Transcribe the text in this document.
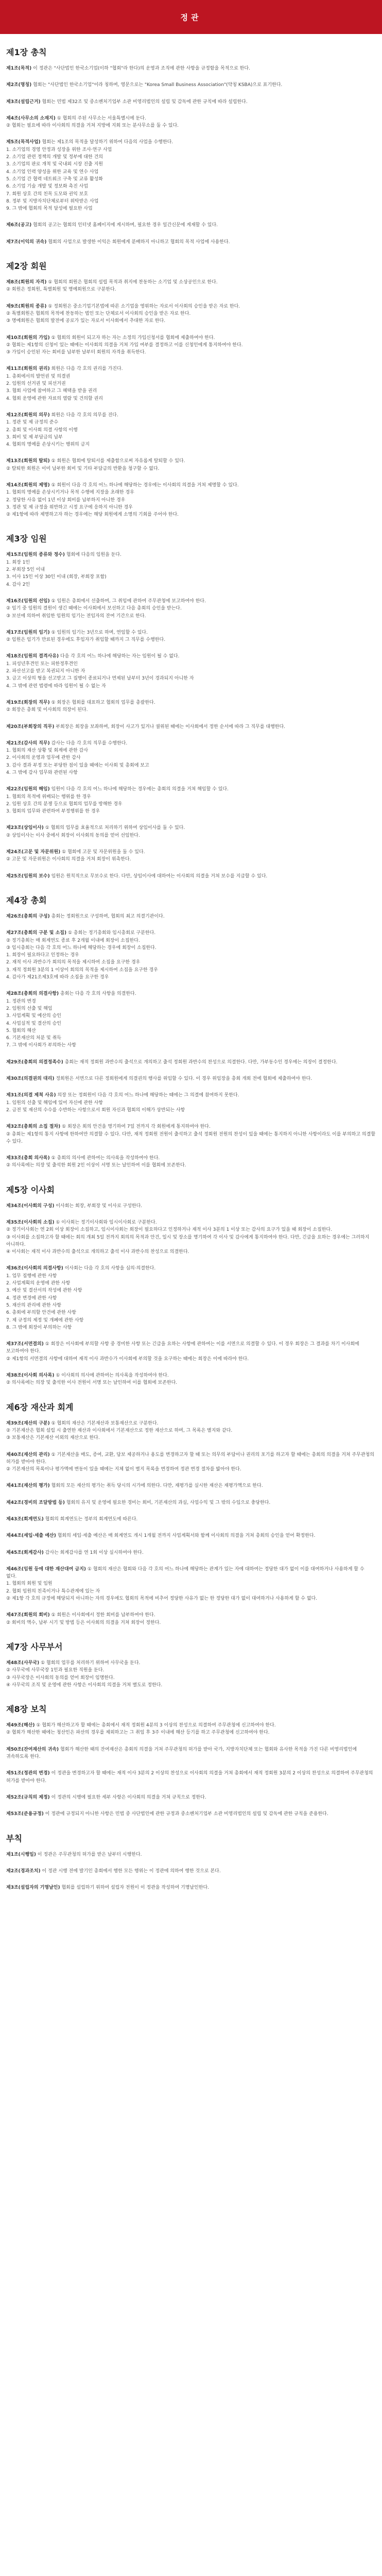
정관
제1장 총칙

제1조(목적) 이 정관은 "사단법인 한국소기업(이하 "협회"라 한다)의 운영과 조직에 관한 사항을 규정함을 목적으로 한다.

제2조(명칭) 협회는 "사단법인 한국소기업"이라 칭하며, 영문으로는 "Korea Small Business Association"(약칭 KSBA)으로 표기한다.

제3조(설립근거) 협회는 민법 제32조 및 중소벤처기업부 소관 비영리법인의 설립 및 감독에 관한 규칙에 따라 설립한다.

제4조(사무소의 소재지) ① 협회의 주된 사무소는 서울특별시에 둔다.

② 협회는 필요에 따라 이사회의 의결을 거쳐 지방에 지회 또는 분사무소를 둘 수 있다.

제5조(목적사업) 협회는 제1조의 목적을 달성하기 위하여 다음의 사업을 수행한다.

1. 소기업의 경영 안정과 성장을 위한 조사·연구 사업

2. 소기업 관련 정책의 개발 및 정부에 대한 건의

3. 소기업의 판로 개척 및 국내외 시장 진출 지원

4. 소기업 인력 양성을 위한 교육 및 연수 사업

5. 소기업 간 협력 네트워크 구축 및 교류 활성화

6. 소기업 기술 개발 및 정보화 촉진 사업

7. 회원 상호 간의 친목 도모와 권익 보호

8. 정부 및 지방자치단체로부터 위탁받은 사업

9. 그 밖에 협회의 목적 달성에 필요한 사업

제6조(공고) 협회의 공고는 협회의 인터넷 홈페이지에 게시하며, 필요한 경우 일간신문에 게재할 수 있다.

제7조(이익의 귀속) 협회의 사업으로 발생한 이익은 회원에게 분배하지 아니하고 협회의 목적 사업에 사용한다.

제2장 회원

제8조(회원의 자격) ① 협회의 회원은 협회의 설립 목적과 취지에 찬동하는 소기업 및 소상공인으로 한다.

② 회원은 정회원, 특별회원 및 명예회원으로 구분한다.

제9조(회원의 종류) ① 정회원은 중소기업기본법에 따른 소기업을 영위하는 자로서 이사회의 승인을 받은 자로 한다.

② 특별회원은 협회의 목적에 찬동하는 법인 또는 단체로서 이사회의 승인을 받은 자로 한다.

③ 명예회원은 협회의 발전에 공로가 있는 자로서 이사회에서 추대한 자로 한다.

제10조(회원의 가입) ① 협회의 회원이 되고자 하는 자는 소정의 가입신청서를 협회에 제출하여야 한다.

② 협회는 제1항의 신청이 있는 때에는 이사회의 의결을 거쳐 가입 여부를 결정하고 이를 신청인에게 통지하여야 한다.

③ 가입이 승인된 자는 회비를 납부한 날부터 회원의 자격을 취득한다.

제11조(회원의 권리) 회원은 다음 각 호의 권리를 가진다.

1. 총회에서의 발언권 및 의결권

2. 임원의 선거권 및 피선거권

3. 협회 사업에 참여하고 그 혜택을 받을 권리

4. 협회 운영에 관한 자료의 열람 및 건의할 권리

제12조(회원의 의무) 회원은 다음 각 호의 의무를 진다.

1. 정관 및 제 규정의 준수

2. 총회 및 이사회 의결 사항의 이행

3. 회비 및 제 부담금의 납부

4. 협회의 명예를 손상시키는 행위의 금지

제13조(회원의 탈퇴) ① 회원은 협회에 탈퇴서를 제출함으로써 자유롭게 탈퇴할 수 있다.

② 탈퇴한 회원은 이미 납부한 회비 및 기타 부담금의 반환을 청구할 수 없다.

제14조(회원의 제명) ① 회원이 다음 각 호의 어느 하나에 해당하는 경우에는 이사회의 의결을 거쳐 제명할 수 있다.

1. 협회의 명예를 손상시키거나 목적 수행에 지장을 초래한 경우

2. 정당한 사유 없이 1년 이상 회비를 납부하지 아니한 경우

3. 정관 및 제 규정을 위반하고 시정 요구에 응하지 아니한 경우

② 제1항에 따라 제명하고자 하는 경우에는 해당 회원에게 소명의 기회를 주어야 한다.

제3장 임원

제15조(임원의 종류와 정수) 협회에 다음의 임원을 둔다.

1. 회장 1인

2. 부회장 5인 이내

3. 이사 15인 이상 30인 이내 (회장, 부회장 포함)

4. 감사 2인

제16조(임원의 선임) ① 임원은 총회에서 선출하며, 그 취임에 관하여 주무관청에 보고하여야 한다.

② 임기 중 임원의 결원이 생긴 때에는 이사회에서 보선하고 다음 총회의 승인을 받는다.

③ 보선에 의하여 취임한 임원의 임기는 전임자의 잔여 기간으로 한다.

제17조(임원의 임기) ① 임원의 임기는 3년으로 하며, 연임할 수 있다.

② 임원은 임기가 만료된 경우에도 후임자가 취임할 때까지 그 직무를 수행한다.

제18조(임원의 결격사유) 다음 각 호의 어느 하나에 해당하는 자는 임원이 될 수 없다.

1. 피성년후견인 또는 피한정후견인

2. 파산선고를 받고 복권되지 아니한 자

3. 금고 이상의 형을 선고받고 그 집행이 종료되거나 면제된 날부터 3년이 경과되지 아니한 자

4. 그 밖에 관련 법령에 따라 임원이 될 수 없는 자

제19조(회장의 직무) ① 회장은 협회를 대표하고 협회의 업무를 총괄한다.

② 회장은 총회 및 이사회의 의장이 된다.

제20조(부회장의 직무) 부회장은 회장을 보좌하며, 회장이 사고가 있거나 궐위된 때에는 이사회에서 정한 순서에 따라 그 직무를 대행한다.

제21조(감사의 직무) 감사는 다음 각 호의 직무를 수행한다.

1. 협회의 재산 상황 및 회계에 관한 감사

2. 이사회의 운영과 업무에 관한 감사

3. 감사 결과 부정 또는 부당한 점이 있을 때에는 이사회 및 총회에 보고

4. 그 밖에 감사 업무와 관련된 사항

제22조(임원의 해임) 임원이 다음 각 호의 어느 하나에 해당하는 경우에는 총회의 의결을 거쳐 해임할 수 있다.

1. 협회의 목적에 위배되는 행위를 한 경우

2. 임원 상호 간의 분쟁 등으로 협회의 업무를 방해한 경우

3. 협회의 업무와 관련하여 부정행위를 한 경우

제23조(상임이사) ① 협회의 업무를 효율적으로 처리하기 위하여 상임이사를 둘 수 있다.

② 상임이사는 이사 중에서 회장이 이사회의 동의를 얻어 선임한다.

제24조(고문 및 자문위원) ① 협회에 고문 및 자문위원을 둘 수 있다.

② 고문 및 자문위원은 이사회의 의결을 거쳐 회장이 위촉한다.

제25조(임원의 보수) 임원은 원칙적으로 무보수로 한다. 다만, 상임이사에 대하여는 이사회의 의결을 거쳐 보수를 지급할 수 있다.

제4장 총회

제26조(총회의 구성) 총회는 정회원으로 구성하며, 협회의 최고 의결기관이다.

제27조(총회의 구분 및 소집) ① 총회는 정기총회와 임시총회로 구분한다.

② 정기총회는 매 회계연도 종료 후 2개월 이내에 회장이 소집한다.

③ 임시총회는 다음 각 호의 어느 하나에 해당하는 경우에 회장이 소집한다.

1. 회장이 필요하다고 인정하는 경우

2. 재적 이사 과반수가 회의의 목적을 제시하여 소집을 요구한 경우

3. 재적 정회원 3분의 1 이상이 회의의 목적을 제시하여 소집을 요구한 경우

4. 감사가 제21조제3호에 따라 소집을 요구한 경우

제28조(총회의 의결사항) 총회는 다음 각 호의 사항을 의결한다.

1. 정관의 변경

2. 임원의 선출 및 해임

3. 사업계획 및 예산의 승인

4. 사업실적 및 결산의 승인

5. 협회의 해산

6. 기본재산의 처분 및 취득

7. 그 밖에 이사회가 부의하는 사항

제29조(총회의 의결정족수) 총회는 재적 정회원 과반수의 출석으로 개의하고 출석 정회원 과반수의 찬성으로 의결한다. 다만, 가부동수인 경우에는 의장이 결정한다.

제30조(의결권의 대리) 정회원은 서면으로 다른 정회원에게 의결권의 행사를 위임할 수 있다. 이 경우 위임장을 총회 개회 전에 협회에 제출하여야 한다.

제31조(의결 제척 사유) 의장 또는 정회원이 다음 각 호의 어느 하나에 해당하는 때에는 그 의결에 참여하지 못한다.

1. 임원의 선출 및 해임에 있어 자신에 관한 사항

2. 금전 및 재산의 수수를 수반하는 사항으로서 회원 자신과 협회의 이해가 상반되는 사항

제32조(총회의 소집 절차) ① 회장은 회의 안건을 명기하여 7일 전까지 각 회원에게 통지하여야 한다.

② 총회는 제1항의 통지 사항에 한하여만 의결할 수 있다. 다만, 재적 정회원 전원이 출석하고 출석 정회원 전원의 찬성이 있을 때에는 통지하지 아니한 사항이라도 이를 부의하고 의결할 수 있다.

제33조(총회 의사록) ① 총회의 의사에 관하여는 의사록을 작성하여야 한다.

② 의사록에는 의장 및 출석한 회원 2인 이상이 서명 또는 날인하여 이를 협회에 보존한다.

제5장 이사회

제34조(이사회의 구성) 이사회는 회장, 부회장 및 이사로 구성한다.

제35조(이사회의 소집) ① 이사회는 정기이사회와 임시이사회로 구분한다.

② 정기이사회는 연 2회 이상 회장이 소집하고, 임시이사회는 회장이 필요하다고 인정하거나 재적 이사 3분의 1 이상 또는 감사의 요구가 있을 때 회장이 소집한다.

③ 이사회를 소집하고자 할 때에는 회의 개최 5일 전까지 회의의 목적과 안건, 일시 및 장소를 명기하여 각 이사 및 감사에게 통지하여야 한다. 다만, 긴급을 요하는 경우에는 그러하지 아니하다.

④ 이사회는 재적 이사 과반수의 출석으로 개의하고 출석 이사 과반수의 찬성으로 의결한다.

제36조(이사회의 의결사항) 이사회는 다음 각 호의 사항을 심의·의결한다.

1. 업무 집행에 관한 사항

2. 사업계획의 운영에 관한 사항

3. 예산 및 결산서의 작성에 관한 사항

4. 정관 변경에 관한 사항

5. 재산의 관리에 관한 사항

6. 총회에 부의할 안건에 관한 사항

7. 제 규정의 제정 및 개폐에 관한 사항

8. 그 밖에 회장이 부의하는 사항

제37조(서면결의) ① 회장은 이사회에 부의할 사항 중 경미한 사항 또는 긴급을 요하는 사항에 관하여는 이를 서면으로 의결할 수 있다. 이 경우 회장은 그 결과를 차기 이사회에 보고하여야 한다.

② 제1항의 서면결의 사항에 대하여 재적 이사 과반수가 이사회에 부의할 것을 요구하는 때에는 회장은 이에 따라야 한다.

제38조(이사회 의사록) ① 이사회의 의사에 관하여는 의사록을 작성하여야 한다.

② 의사록에는 의장 및 출석한 이사 전원이 서명 또는 날인하여 이를 협회에 보존한다.

제6장 재산과 회계

제39조(재산의 구분) ① 협회의 재산은 기본재산과 보통재산으로 구분한다.

② 기본재산은 협회 설립 시 출연한 재산과 이사회에서 기본재산으로 정한 재산으로 하며, 그 목록은 별지와 같다.

③ 보통재산은 기본재산 이외의 재산으로 한다.

제40조(재산의 관리) ① 기본재산을 매도, 증여, 교환, 담보 제공하거나 용도를 변경하고자 할 때 또는 의무의 부담이나 권리의 포기를 하고자 할 때에는 총회의 의결을 거쳐 주무관청의 허가를 받아야 한다.

② 기본재산의 목록이나 평가액에 변동이 있을 때에는 지체 없이 별지 목록을 변경하여 정관 변경 절차를 밟아야 한다.

제41조(재산의 평가) 협회의 모든 재산의 평가는 취득 당시의 시가에 의한다. 다만, 재평가를 실시한 재산은 재평가액으로 한다.

제42조(경비의 조달방법 등) 협회의 유지 및 운영에 필요한 경비는 회비, 기본재산의 과실, 사업수익 및 그 밖의 수입으로 충당한다.

제43조(회계연도) 협회의 회계연도는 정부의 회계연도에 따른다.

제44조(세입·세출 예산) 협회의 세입·세출 예산은 매 회계연도 개시 1개월 전까지 사업계획서와 함께 이사회의 의결을 거쳐 총회의 승인을 얻어 확정한다.

제45조(회계감사) 감사는 회계감사를 연 1회 이상 실시하여야 한다.

제46조(임원 등에 대한 재산대여 금지) ① 협회의 재산은 협회와 다음 각 호의 어느 하나에 해당하는 관계가 있는 자에 대하여는 정당한 대가 없이 이를 대여하거나 사용하게 할 수 없다.

1. 협회의 회원 및 임원

2. 협회 임원의 친족이거나 특수관계에 있는 자

② 제1항 각 호의 규정에 해당되지 아니하는 자의 경우에도 협회의 목적에 비추어 정당한 사유가 없는 한 정당한 대가 없이 대여하거나 사용하게 할 수 없다.

제47조(회원의 회비) ① 회원은 이사회에서 정한 회비를 납부하여야 한다.

② 회비의 액수, 납부 시기 및 방법 등은 이사회의 의결을 거쳐 회장이 정한다.

제7장 사무부서

제48조(사무국) ① 협회의 업무를 처리하기 위하여 사무국을 둔다.

② 사무국에 사무국장 1인과 필요한 직원을 둔다.

③ 사무국장은 이사회의 동의를 얻어 회장이 임명한다.

④ 사무국의 조직 및 운영에 관한 사항은 이사회의 의결을 거쳐 별도로 정한다.

제8장 보칙

제49조(해산) ① 협회가 해산하고자 할 때에는 총회에서 재적 정회원 4분의 3 이상의 찬성으로 의결하여 주무관청에 신고하여야 한다.

② 협회가 해산한 때에는 청산인은 파산의 경우를 제외하고는 그 취임 후 3주 이내에 해산 등기를 하고 주무관청에 신고하여야 한다.

제50조(잔여재산의 귀속) 협회가 해산한 때의 잔여재산은 총회의 의결을 거쳐 주무관청의 허가를 받아 국가, 지방자치단체 또는 협회와 유사한 목적을 가진 다른 비영리법인에 귀속하도록 한다.

제51조(정관의 변경) 이 정관을 변경하고자 할 때에는 재적 이사 3분의 2 이상의 찬성으로 이사회의 의결을 거쳐 총회에서 재적 정회원 3분의 2 이상의 찬성으로 의결하여 주무관청의 허가를 받아야 한다.

제52조(규칙의 제정) 이 정관의 시행에 필요한 세부 사항은 이사회의 의결을 거쳐 규칙으로 정한다.

제53조(준용규정) 이 정관에 규정되지 아니한 사항은 민법 중 사단법인에 관한 규정과 중소벤처기업부 소관 비영리법인의 설립 및 감독에 관한 규칙을 준용한다.

부칙

제1조(시행일) 이 정관은 주무관청의 허가를 받은 날부터 시행한다.

제2조(경과조치) 이 정관 시행 전에 발기인 총회에서 행한 모든 행위는 이 정관에 의하여 행한 것으로 본다.

제3조(설립자의 기명날인) 협회를 설립하기 위하여 설립자 전원이 이 정관을 작성하여 기명날인한다.
